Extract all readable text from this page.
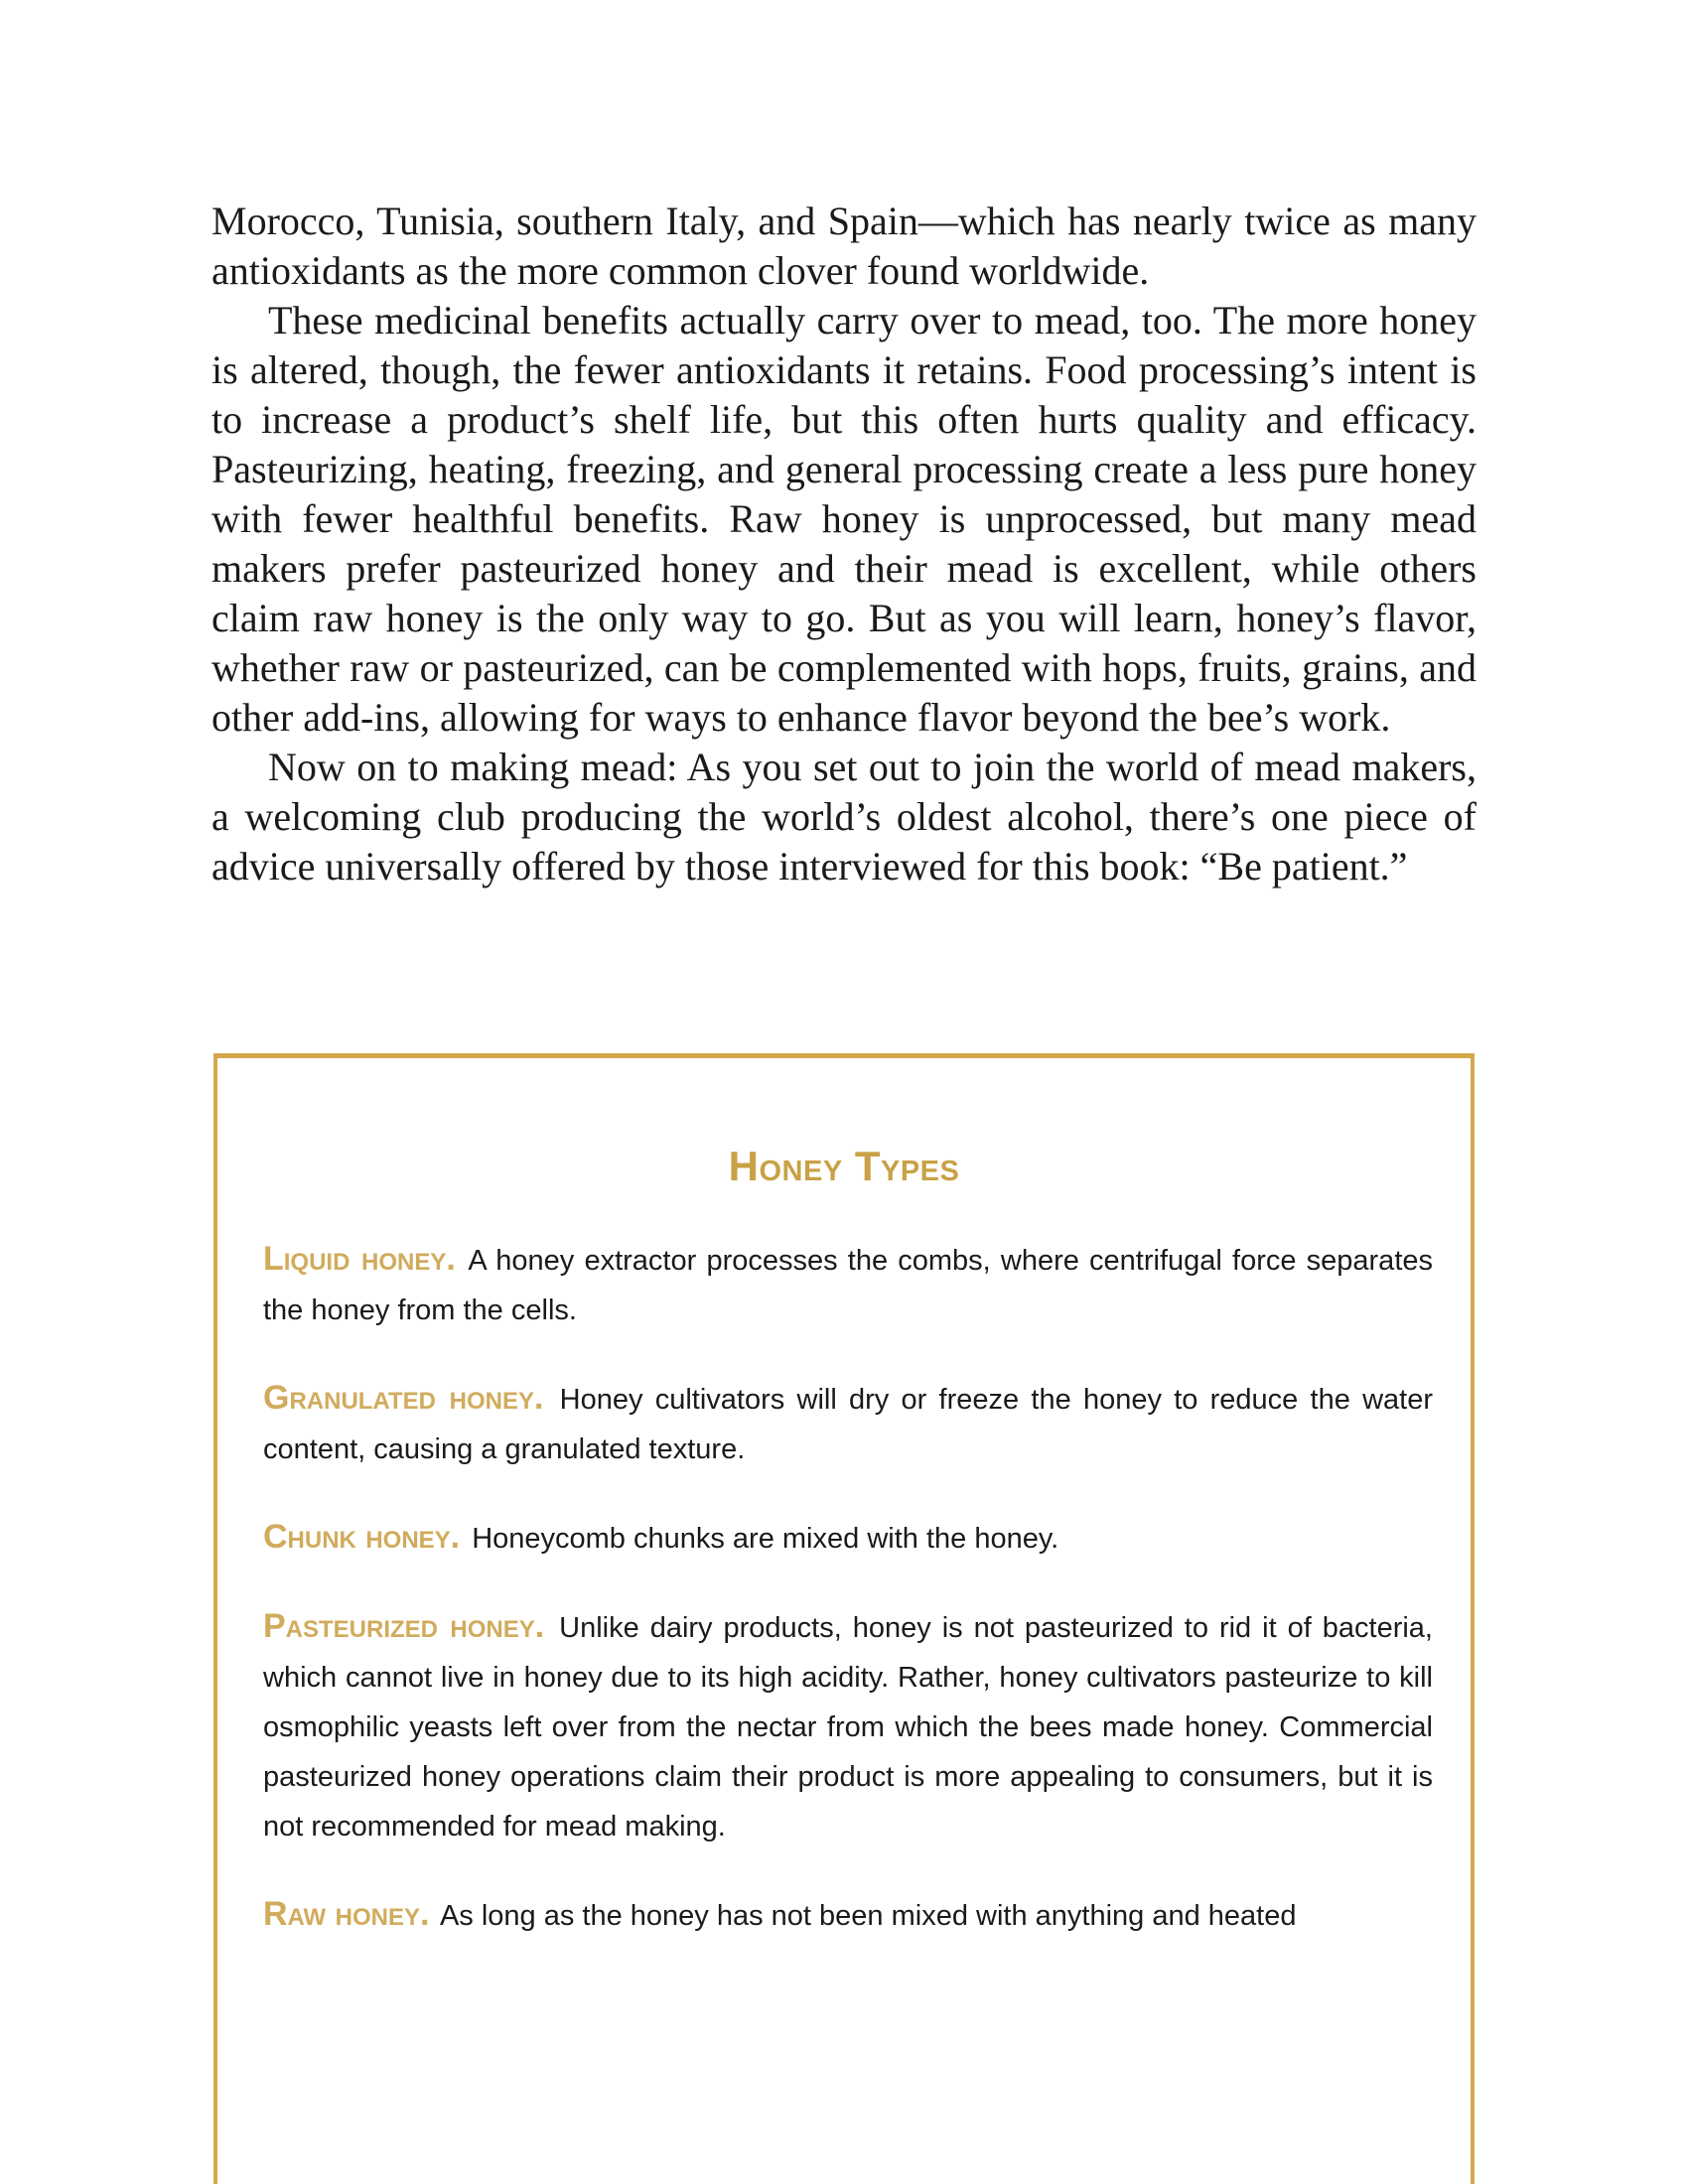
Morocco, Tunisia, southern Italy, and Spain—which has nearly twice as many antioxidants as the more common clover found worldwide.

These medicinal benefits actually carry over to mead, too. The more honey is altered, though, the fewer antioxidants it retains. Food processing’s intent is to increase a product’s shelf life, but this often hurts quality and efficacy. Pasteurizing, heating, freezing, and general processing create a less pure honey with fewer healthful benefits. Raw honey is unprocessed, but many mead makers prefer pasteurized honey and their mead is excellent, while others claim raw honey is the only way to go. But as you will learn, honey’s flavor, whether raw or pasteurized, can be complemented with hops, fruits, grains, and other add-ins, allowing for ways to enhance flavor beyond the bee’s work.

Now on to making mead: As you set out to join the world of mead makers, a welcoming club producing the world’s oldest alcohol, there’s one piece of advice universally offered by those interviewed for this book: “Be patient.”

Honey Types

Liquid honey. A honey extractor processes the combs, where centrifugal force separates the honey from the cells.

Granulated honey. Honey cultivators will dry or freeze the honey to reduce the water content, causing a granulated texture.

Chunk honey. Honeycomb chunks are mixed with the honey.

Pasteurized honey. Unlike dairy products, honey is not pasteurized to rid it of bacteria, which cannot live in honey due to its high acidity. Rather, honey cultivators pasteurize to kill osmophilic yeasts left over from the nectar from which the bees made honey. Commercial pasteurized honey operations claim their product is more appealing to consumers, but it is not recommended for mead making.

Raw honey. As long as the honey has not been mixed with anything and heated
